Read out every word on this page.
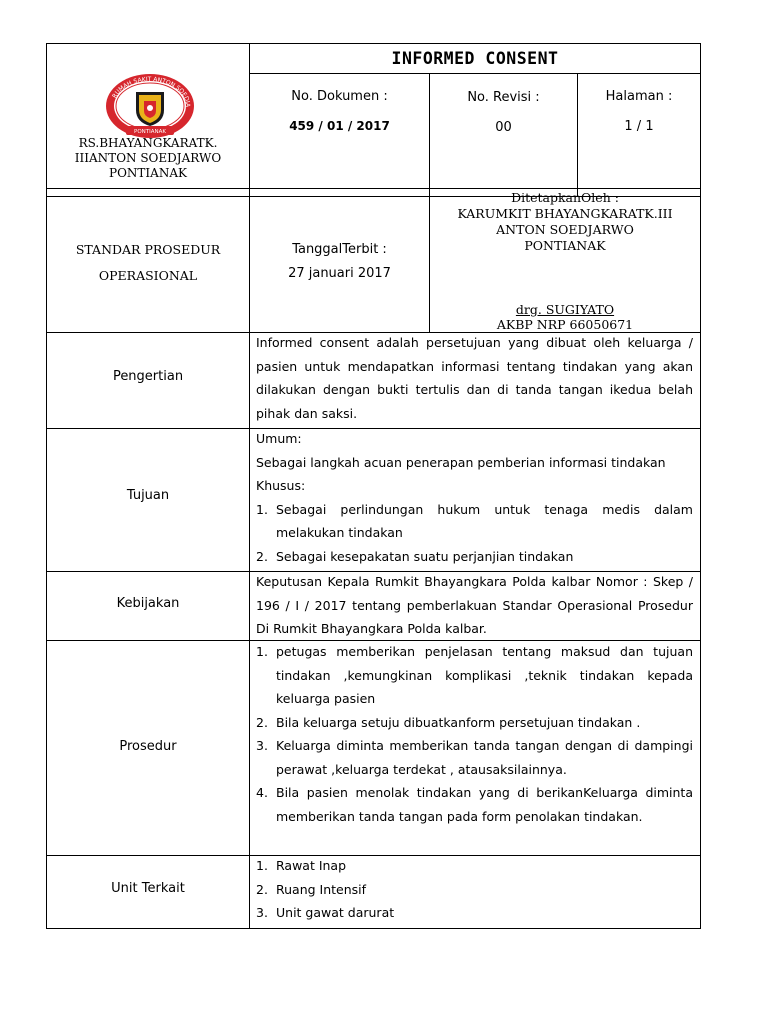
INFORMED CONSENT
PONTIANAK
RUMAH SAKIT ANTON SOEDJA
RS.BHAYANGKARATK.
IIIANTON SOEDJARWO
PONTIANAK
No. Dokumen :
459 / 01 / 2017
No. Revisi :
00
Halaman :
1 / 1
STANDAR PROSEDUR
OPERASIONAL
TanggalTerbit :
27 januari 2017
DitetapkanOleh :
KARUMKIT BHAYANGKARATK.III
ANTON SOEDJARWO
PONTIANAK
drg. SUGIYATO
AKBP NRP 66050671
Pengertian
Informed consent adalah persetujuan yang dibuat oleh keluarga / pasien untuk mendapatkan informasi tentang tindakan yang akan dilakukan dengan bukti tertulis dan di tanda tangan ikedua belah pihak dan saksi.
Tujuan
Umum:
Sebagai langkah acuan penerapan pemberian informasi tindakan
Khusus:
1. Sebagai perlindungan hukum untuk tenaga medis dalam melakukan tindakan
2. Sebagai kesepakatan suatu perjanjian tindakan
Kebijakan
Keputusan Kepala Rumkit Bhayangkara Polda kalbar Nomor : Skep / 196 / I / 2017 tentang pemberlakuan Standar Operasional Prosedur Di Rumkit Bhayangkara Polda kalbar.
Prosedur
1. petugas memberikan penjelasan tentang maksud dan tujuan tindakan ,kemungkinan komplikasi ,teknik tindakan kepada keluarga pasien
2. Bila keluarga setuju dibuatkanform persetujuan tindakan .
3. Keluarga diminta memberikan tanda tangan dengan di dampingi perawat ,keluarga terdekat , atausaksilainnya.
4. Bila pasien menolak tindakan yang di berikanKeluarga diminta memberikan tanda tangan pada form penolakan tindakan.
Unit Terkait
1. Rawat Inap
2. Ruang Intensif
3. Unit gawat darurat
